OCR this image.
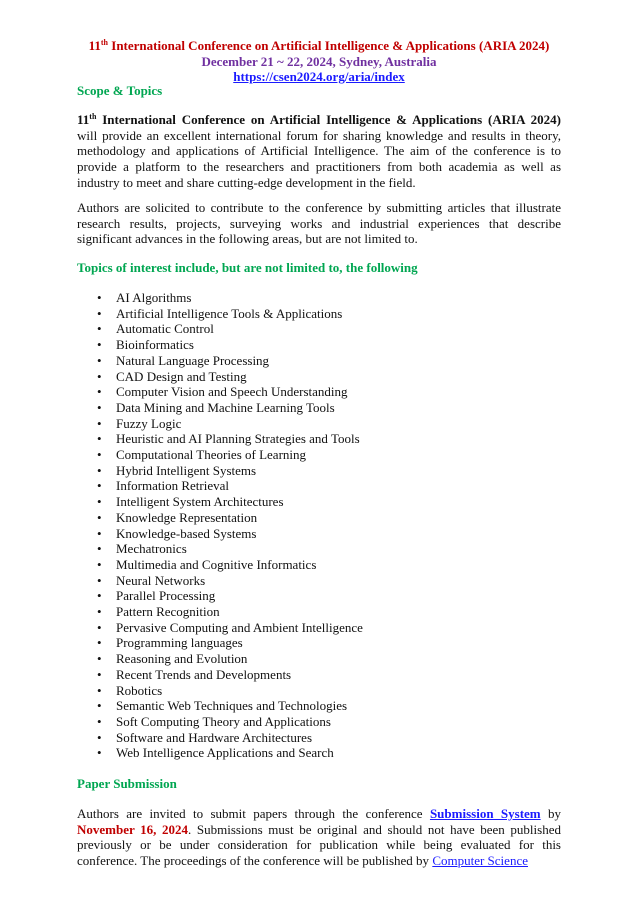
11th International Conference on Artificial Intelligence & Applications (ARIA 2024)
December 21 ~ 22, 2024, Sydney, Australia
https://csen2024.org/aria/index
Scope & Topics

11th International Conference on Artificial Intelligence & Applications (ARIA 2024) will provide an excellent international forum for sharing knowledge and results in theory, methodology and applications of Artificial Intelligence. The aim of the conference is to provide a platform to the researchers and practitioners from both academia as well as industry to meet and share cutting-edge development in the field.

Authors are solicited to contribute to the conference by submitting articles that illustrate research results, projects, surveying works and industrial experiences that describe significant advances in the following areas, but are not limited to.

Topics of interest include, but are not limited to, the following
• AI Algorithms
• Artificial Intelligence Tools & Applications
• Automatic Control
• Bioinformatics
• Natural Language Processing
• CAD Design and Testing
• Computer Vision and Speech Understanding
• Data Mining and Machine Learning Tools
• Fuzzy Logic
• Heuristic and AI Planning Strategies and Tools
• Computational Theories of Learning
• Hybrid Intelligent Systems
• Information Retrieval
• Intelligent System Architectures
• Knowledge Representation
• Knowledge-based Systems
• Mechatronics
• Multimedia and Cognitive Informatics
• Neural Networks
• Parallel Processing
• Pattern Recognition
• Pervasive Computing and Ambient Intelligence
• Programming languages
• Reasoning and Evolution
• Recent Trends and Developments
• Robotics
• Semantic Web Techniques and Technologies
• Soft Computing Theory and Applications
• Software and Hardware Architectures
• Web Intelligence Applications and Search
Paper Submission

Authors are invited to submit papers through the conference Submission System by November 16, 2024. Submissions must be original and should not have been published previously or be under consideration for publication while being evaluated for this conference. The proceedings of the conference will be published by Computer Science
